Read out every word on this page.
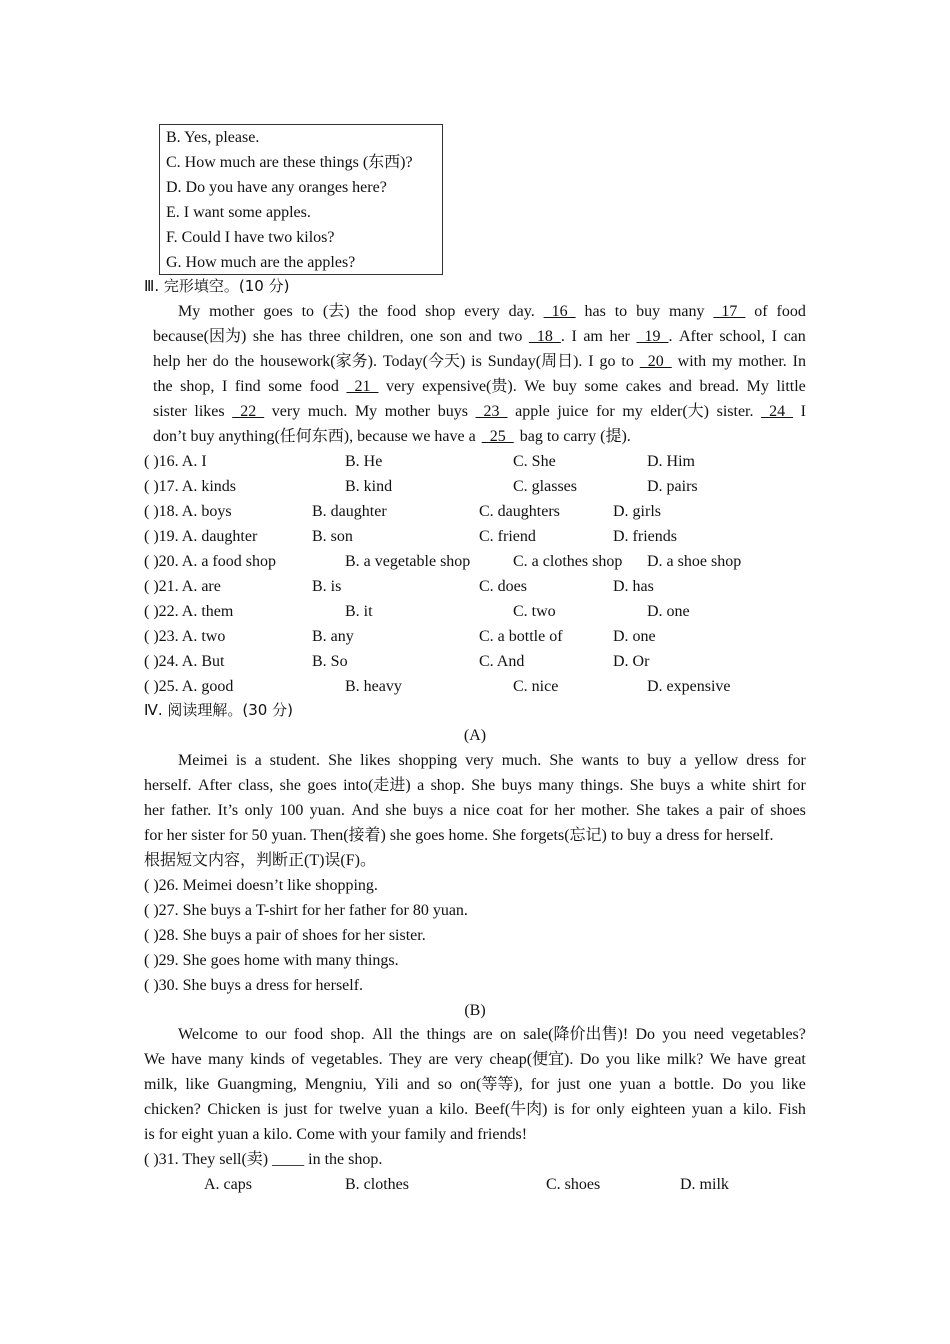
B. Yes, please.
C. How much are these things (东西)?
D. Do you have any oranges here?
E. I want some apples.
F. Could I have two kilos?
G. How much are the apples?
Ⅲ. 完形填空。(10 分)
My mother goes to (去) the food shop every day. 16 has to buy many 17 of food
because(因为) she has three children, one son and two 18  . I am her 19  . After school, I can
help her do the housework(家务). Today(今天) is Sunday(周日). I go to 20 with my mother. In
the shop, I find some food 21 very expensive(贵). We buy some cakes and bread. My little
sister likes 22 very much. My mother buys 23 apple juice for my elder(大) sister. 24 I
don’t buy anything(任何东西), because we have a 25 bag to carry (提).
( )16. A. I	B. He	C. She	D. Him
( )17. A. kinds	B. kind	C. glasses	D. pairs
( )18. A. boys	B. daughter	C. daughters	D. girls
( )19. A. daughter	B. son	C. friend	D. friends
( )20. A. a food shop	B. a vegetable shop	C. a clothes shop D. a shoe shop
( )21. A. are	B. is	C. does	D. has
( )22. A. them	B. it	C. two	D. one
( )23. A. two	B. any	C. a bottle of	D. one
( )24. A. But	B. So	C. And	D. Or
( )25. A. good	B. heavy	C. nice	D. expensive
Ⅳ. 阅读理解。(30 分)
(A)
Meimei is a student. She likes shopping very much. She wants to buy a yellow dress for
herself. After class, she goes into(走进) a shop. She buys many things. She buys a white shirt for
her father. It’s only 100 yuan. And she buys a nice coat for her mother. She takes a pair of shoes
for her sister for 50 yuan. Then(接着) she goes home. She forgets(忘记) to buy a dress for herself.
根据短文内容，判断正(T)误(F)。
( )26. Meimei doesn’t like shopping.
( )27. She buys a T-shirt for her father for 80 yuan.
( )28. She buys a pair of shoes for her sister.
( )29. She goes home with many things.
( )30. She buys a dress for herself.
(B)
Welcome to our food shop. All the things are on sale(降价出售)! Do you need vegetables?
We have many kinds of vegetables. They are very cheap(便宜). Do you like milk? We have great
milk, like Guangming, Mengniu, Yili and so on(等等), for just one yuan a bottle. Do you like
chicken? Chicken is just for twelve yuan a kilo. Beef(牛肉) is for only eighteen yuan a kilo. Fish
is for eight yuan a kilo. Come with your family and friends!
( )31. They sell(卖) ____ in the shop.
A. caps	B. clothes	C. shoes	D. milk
